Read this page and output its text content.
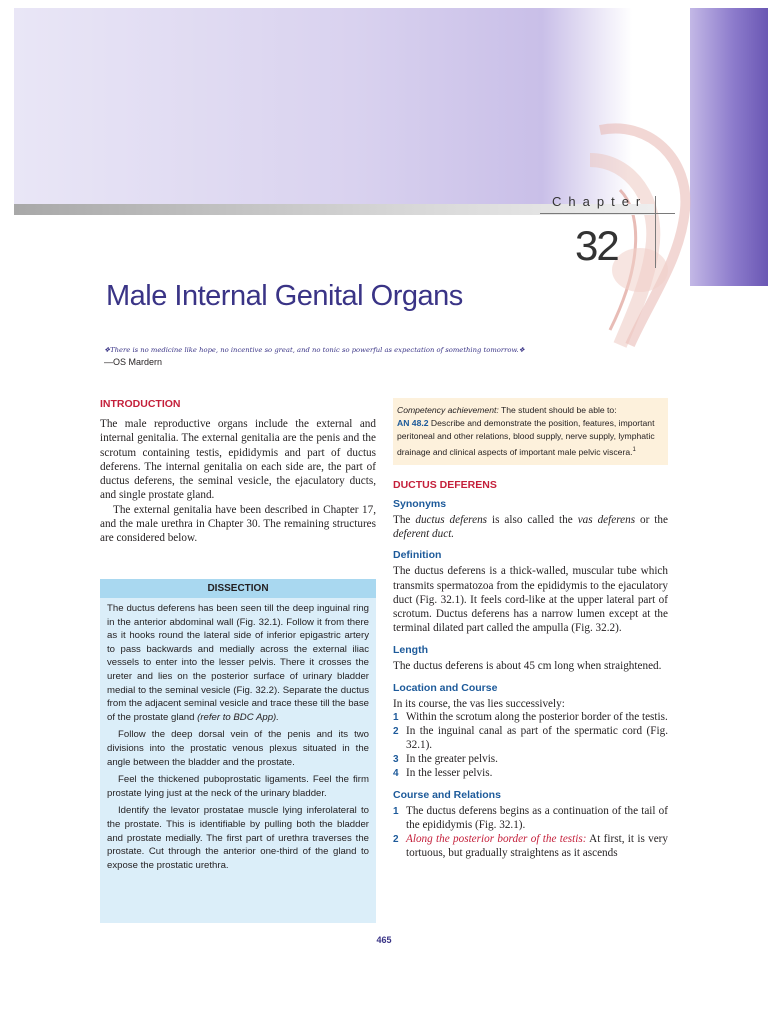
Chapter
32
Male Internal Genital Organs
❖There is no medicine like hope, no incentive so great, and no tonic so powerful as expectation of something tomorrow.❖
—OS Mardern
INTRODUCTION

The male reproductive organs include the external and internal genitalia. The external genitalia are the penis and the scrotum containing testis, epididymis and part of ductus deferens. The internal genitalia on each side are, the part of ductus deferens, the seminal vesicle, the ejaculatory ducts, and single prostate gland.

The external genitalia have been described in Chapter 17, and the male urethra in Chapter 30. The remaining structures are considered below.

DISSECTION

The ductus deferens has been seen till the deep inguinal ring in the anterior abdominal wall (Fig. 32.1). Follow it from there as it hooks round the lateral side of inferior epigastric artery to pass backwards and medially across the external iliac vessels to enter into the lesser pelvis. There it crosses the ureter and lies on the posterior surface of urinary bladder medial to the seminal vesicle (Fig. 32.2). Separate the ductus from the adjacent seminal vesicle and trace these till the base of the prostate gland (refer to BDC App).

Follow the deep dorsal vein of the penis and its two divisions into the prostatic venous plexus situated in the angle between the bladder and the prostate.

Feel the thickened puboprostatic ligaments. Feel the firm prostate lying just at the neck of the urinary bladder.

Identify the levator prostatae muscle lying inferolateral to the prostate. This is identifiable by pulling both the bladder and prostate medially. The first part of urethra traverses the prostate. Cut through the anterior one-third of the gland to expose the prostatic urethra.

Competency achievement: The student should be able to:
AN 48.2 Describe and demonstrate the position, features, important peritoneal and other relations, blood supply, nerve supply, lymphatic drainage and clinical aspects of important male pelvic viscera.$^1$
DUCTUS DEFERENS
Synonyms

The ductus deferens is also called the vas deferens or the deferent duct.

Definition

The ductus deferens is a thick-walled, muscular tube which transmits spermatozoa from the epididymis to the ejaculatory duct (Fig. 32.1). It feels cord-like at the upper lateral part of scrotum. Ductus deferens has a narrow lumen except at the terminal dilated part called the ampulla (Fig. 32.2).

Length

The ductus deferens is about 45 cm long when straightened.

Location and Course

In its course, the vas lies successively:

1 Within the scrotum along the posterior border of the testis.
2 In the inguinal canal as part of the spermatic cord (Fig. 32.1).
3 In the greater pelvis.
4 In the lesser pelvis.
Course and Relations
1 The ductus deferens begins as a continuation of the tail of the epididymis (Fig. 32.1).
2 Along the posterior border of the testis: At first, it is very tortuous, but gradually straightens as it ascends
465
